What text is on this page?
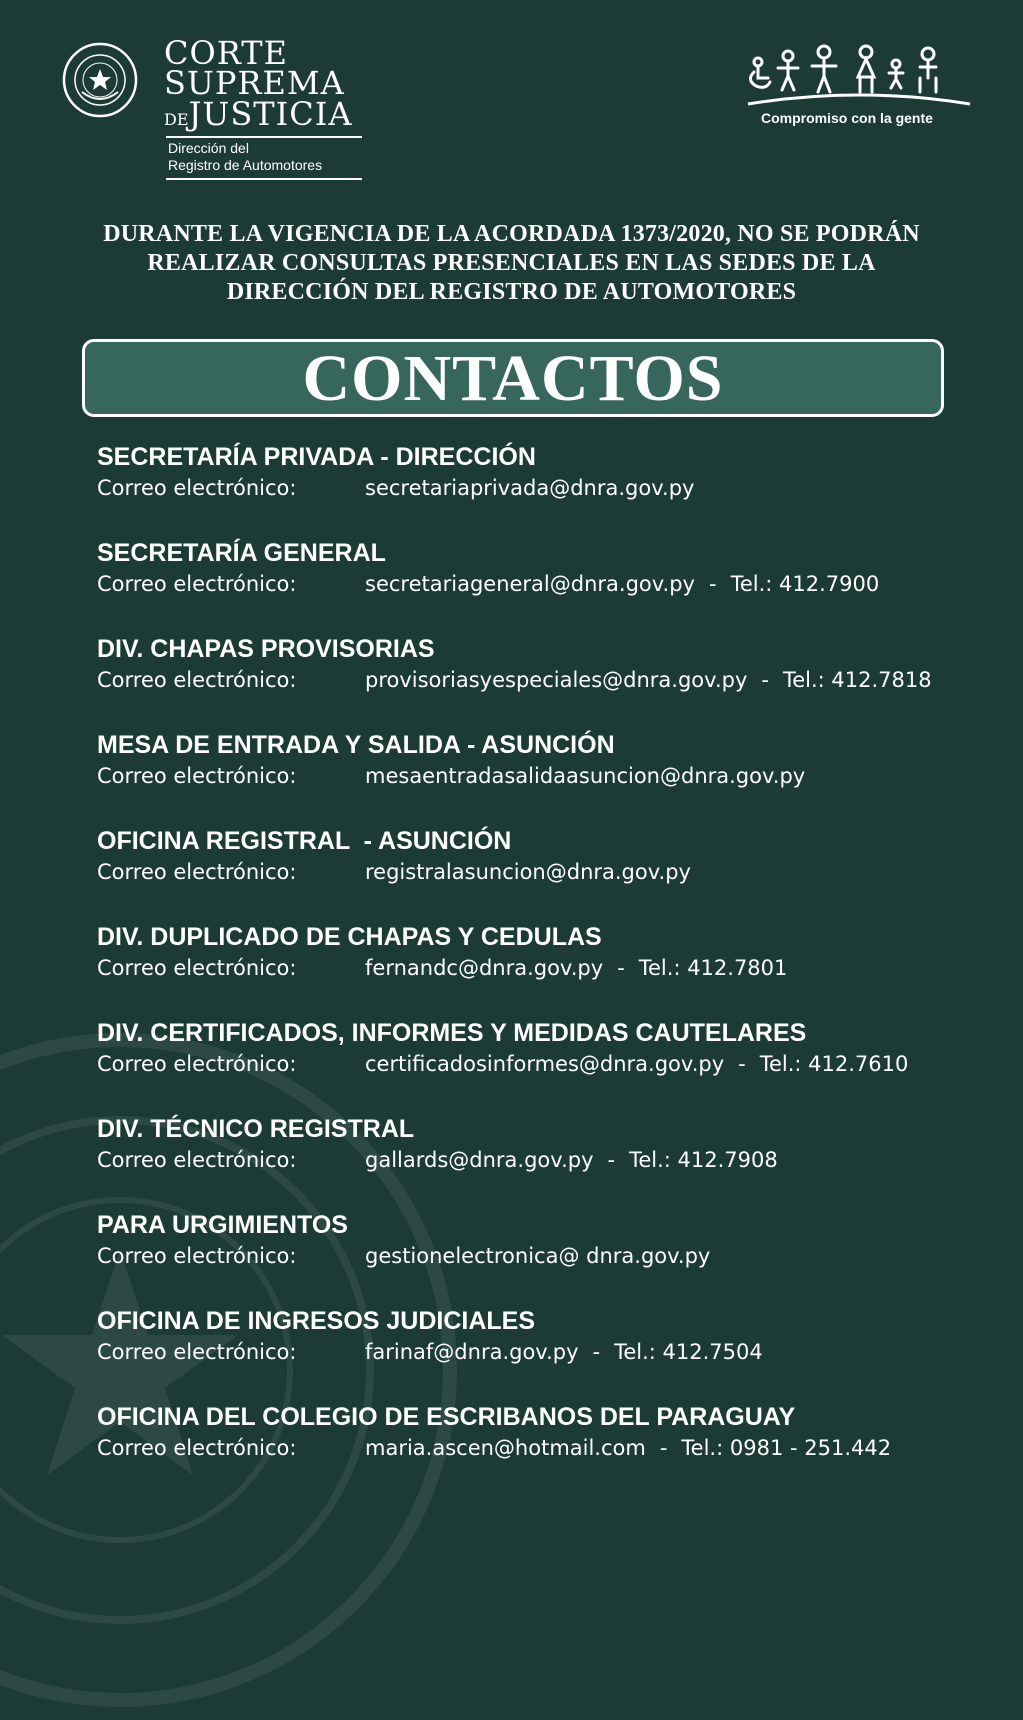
CORTE
SUPREMA
DEJUSTICIA
Dirección del
Registro de Automotores
Compromiso con la gente
DURANTE LA VIGENCIA DE LA ACORDADA 1373/2020, NO SE PODRÁN
REALIZAR CONSULTAS PRESENCIALES EN LAS SEDES DE LA
DIRECCIÓN DEL REGISTRO DE AUTOMOTORES
CONTACTOS
SECRETARÍA PRIVADA - DIRECCIÓN
Correo electrónico:	secretariaprivada@dnra.gov.py
SECRETARÍA GENERAL
Correo electrónico:	secretariageneral@dnra.gov.py - Tel.: 412.7900
DIV. CHAPAS PROVISORIAS
Correo electrónico:	provisoriasyespeciales@dnra.gov.py - Tel.: 412.7818
MESA DE ENTRADA Y SALIDA - ASUNCIÓN
Correo electrónico:	mesaentradasalidaasuncion@dnra.gov.py
OFICINA REGISTRAL  - ASUNCIÓN
Correo electrónico:	registralasuncion@dnra.gov.py
DIV. DUPLICADO DE CHAPAS Y CEDULAS
Correo electrónico:	fernandc@dnra.gov.py - Tel.: 412.7801
DIV. CERTIFICADOS, INFORMES Y MEDIDAS CAUTELARES
Correo electrónico:	certificadosinformes@dnra.gov.py - Tel.: 412.7610
DIV. TÉCNICO REGISTRAL
Correo electrónico:	gallards@dnra.gov.py - Tel.: 412.7908
PARA URGIMIENTOS
Correo electrónico:	gestionelectronica@ dnra.gov.py
OFICINA DE INGRESOS JUDICIALES
Correo electrónico:	farinaf@dnra.gov.py - Tel.: 412.7504
OFICINA DEL COLEGIO DE ESCRIBANOS DEL PARAGUAY
Correo electrónico:	maria.ascen@hotmail.com - Tel.: 0981 - 251.442
